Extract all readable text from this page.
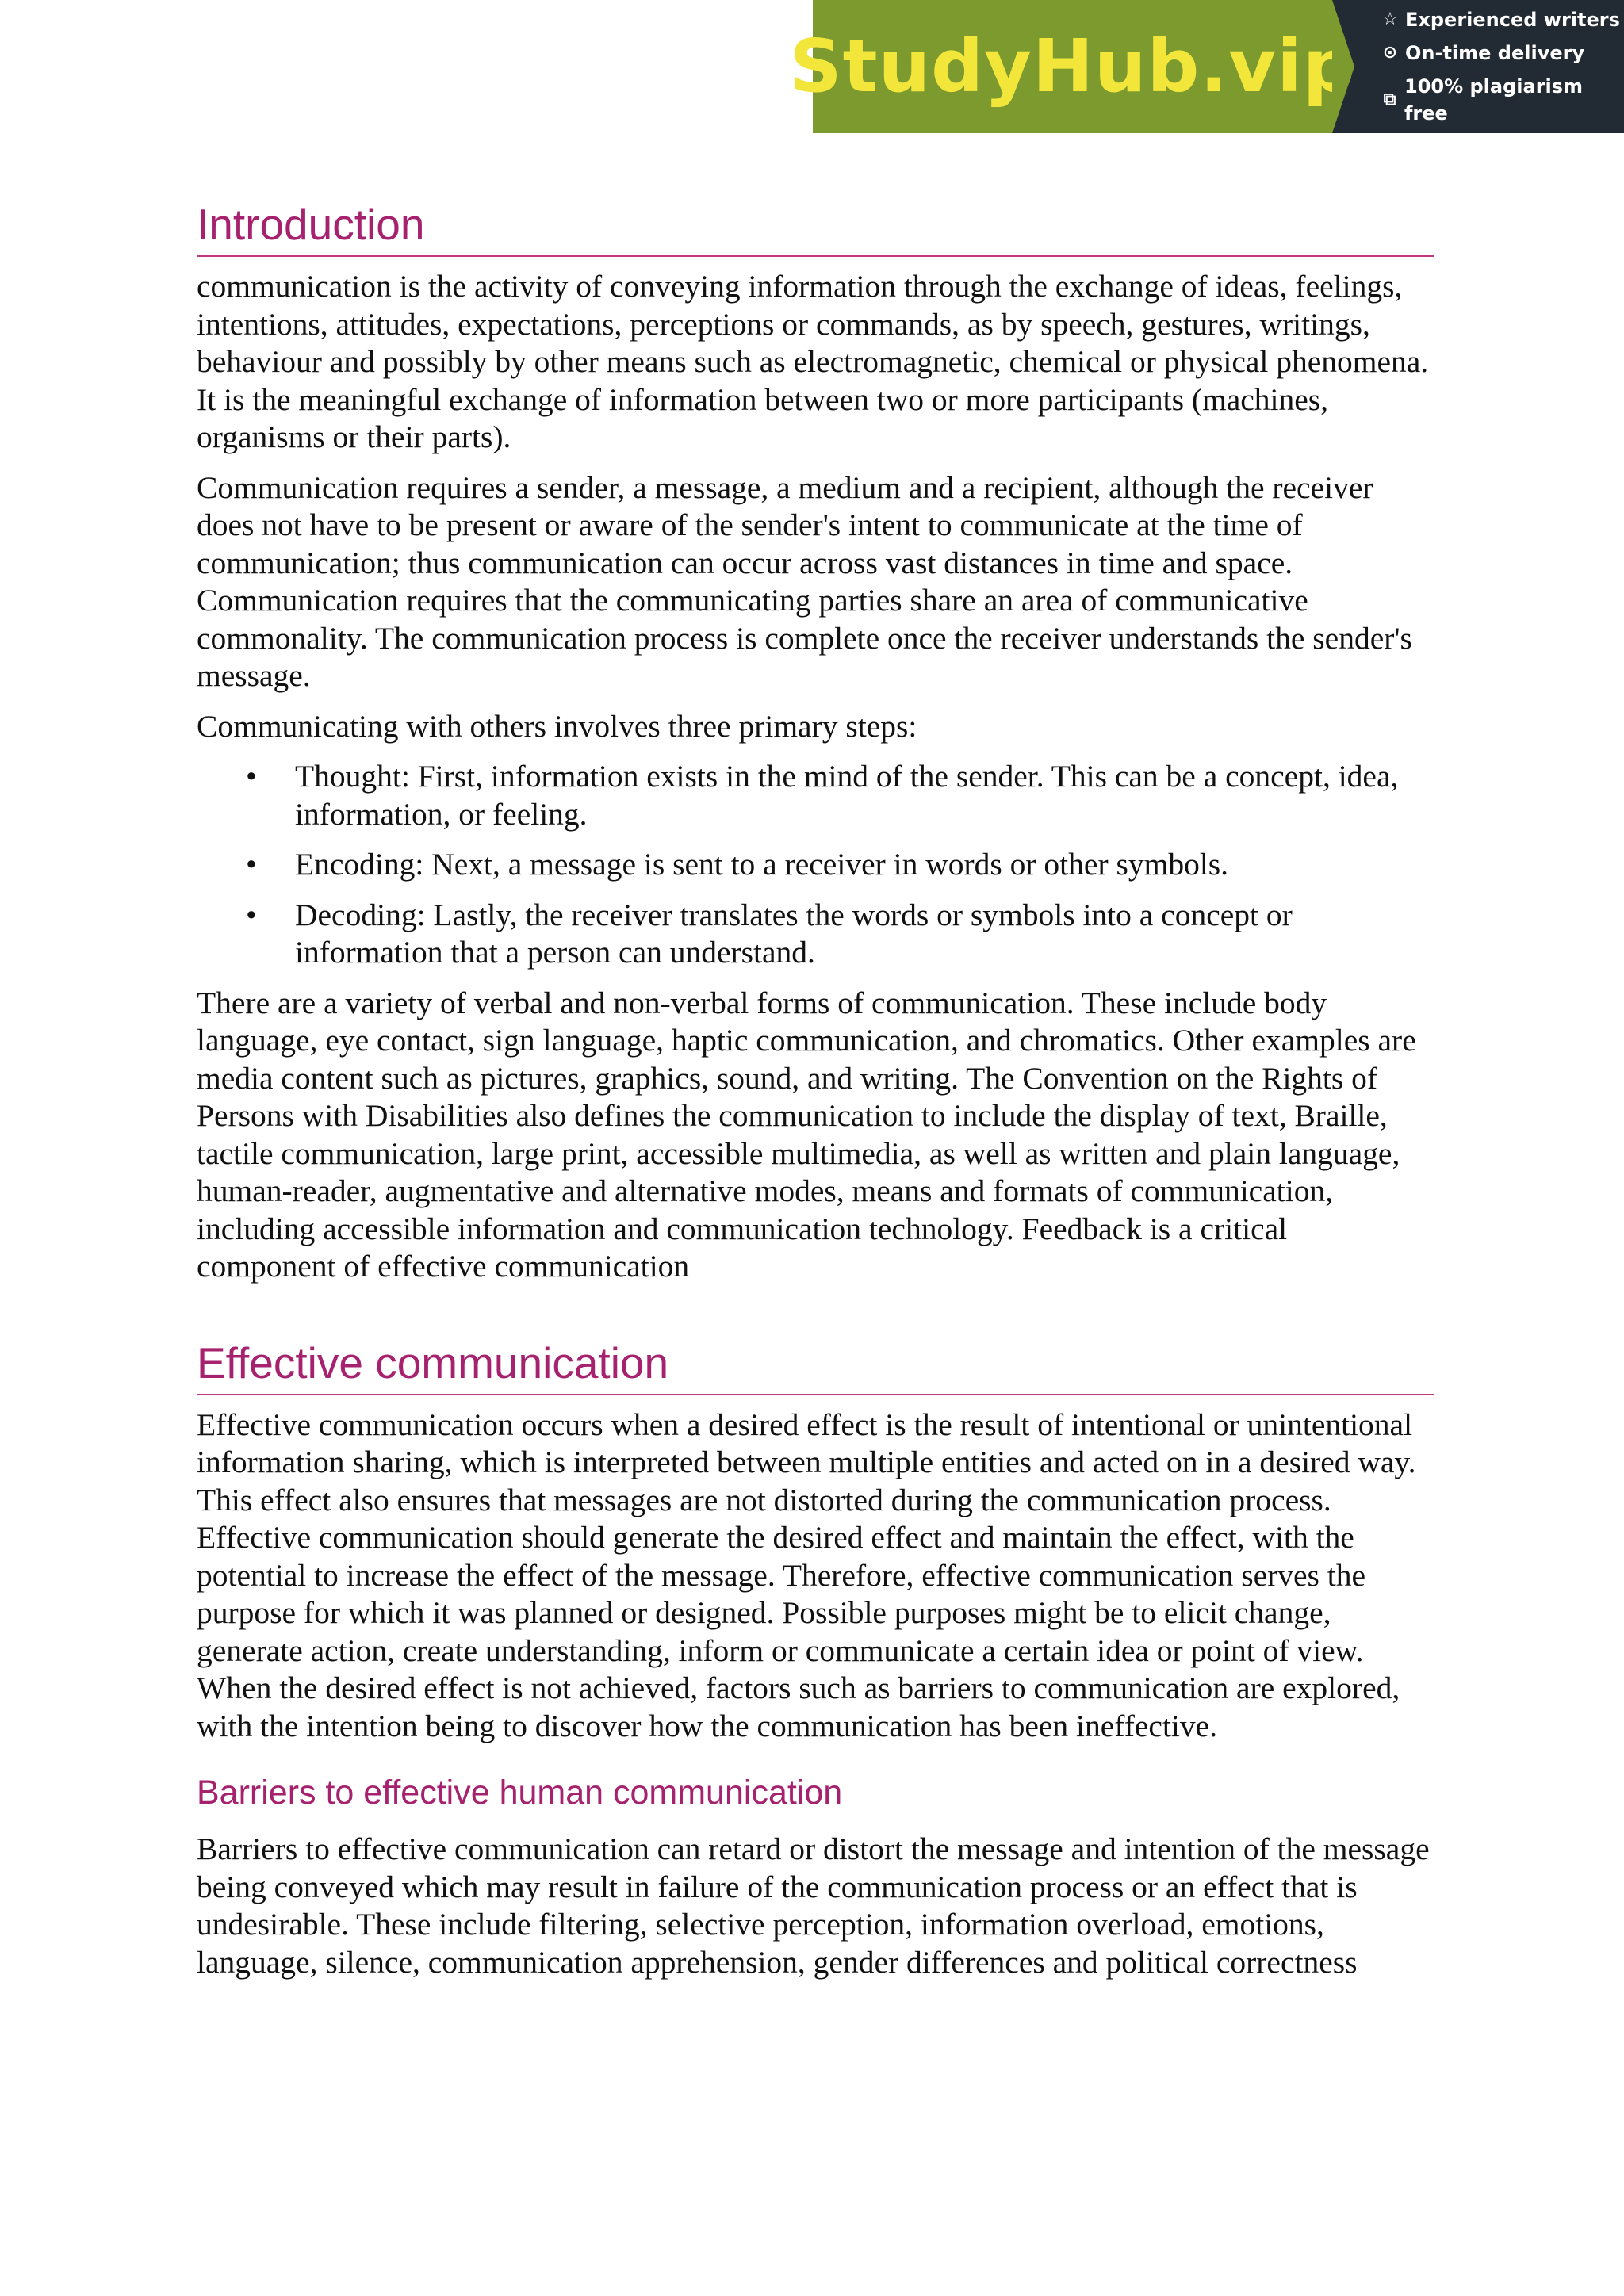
StudyHub.vip
☆ Experienced writers
⊙ On-time delivery
⧉
100% plagiarism free
Introduction

communication is the activity of conveying information through the exchange of ideas, feelings, intentions, attitudes, expectations, perceptions or commands, as by speech, gestures, writings, behaviour and possibly by other means such as electromagnetic, chemical or physical phenomena. It is the meaningful exchange of information between two or more participants (machines, organisms or their parts).

Communication requires a sender, a message, a medium and a recipient, although the receiver does not have to be present or aware of the sender's intent to communicate at the time of communication; thus communication can occur across vast distances in time and space. Communication requires that the communicating parties share an area of communicative commonality. The communication process is complete once the receiver understands the sender's message.

Communicating with others involves three primary steps:

• Thought: First, information exists in the mind of the sender. This can be a concept, idea, information, or feeling.
• Encoding: Next, a message is sent to a receiver in words or other symbols.
• Decoding: Lastly, the receiver translates the words or symbols into a concept or information that a person can understand.

There are a variety of verbal and non-verbal forms of communication. These include body language, eye contact, sign language, haptic communication, and chromatics. Other examples are media content such as pictures, graphics, sound, and writing. The Convention on the Rights of Persons with Disabilities also defines the communication to include the display of text, Braille, tactile communication, large print, accessible multimedia, as well as written and plain language, human-reader, augmentative and alternative modes, means and formats of communication, including accessible information and communication technology. Feedback is a critical component of effective communication

Effective communication

Effective communication occurs when a desired effect is the result of intentional or unintentional information sharing, which is interpreted between multiple entities and acted on in a desired way. This effect also ensures that messages are not distorted during the communication process. Effective communication should generate the desired effect and maintain the effect, with the potential to increase the effect of the message. Therefore, effective communication serves the purpose for which it was planned or designed. Possible purposes might be to elicit change, generate action, create understanding, inform or communicate a certain idea or point of view. When the desired effect is not achieved, factors such as barriers to communication are explored, with the intention being to discover how the communication has been ineffective.

Barriers to effective human communication

Barriers to effective communication can retard or distort the message and intention of the message being conveyed which may result in failure of the communication process or an effect that is undesirable. These include filtering, selective perception, information overload, emotions, language, silence, communication apprehension, gender differences and political correctness
